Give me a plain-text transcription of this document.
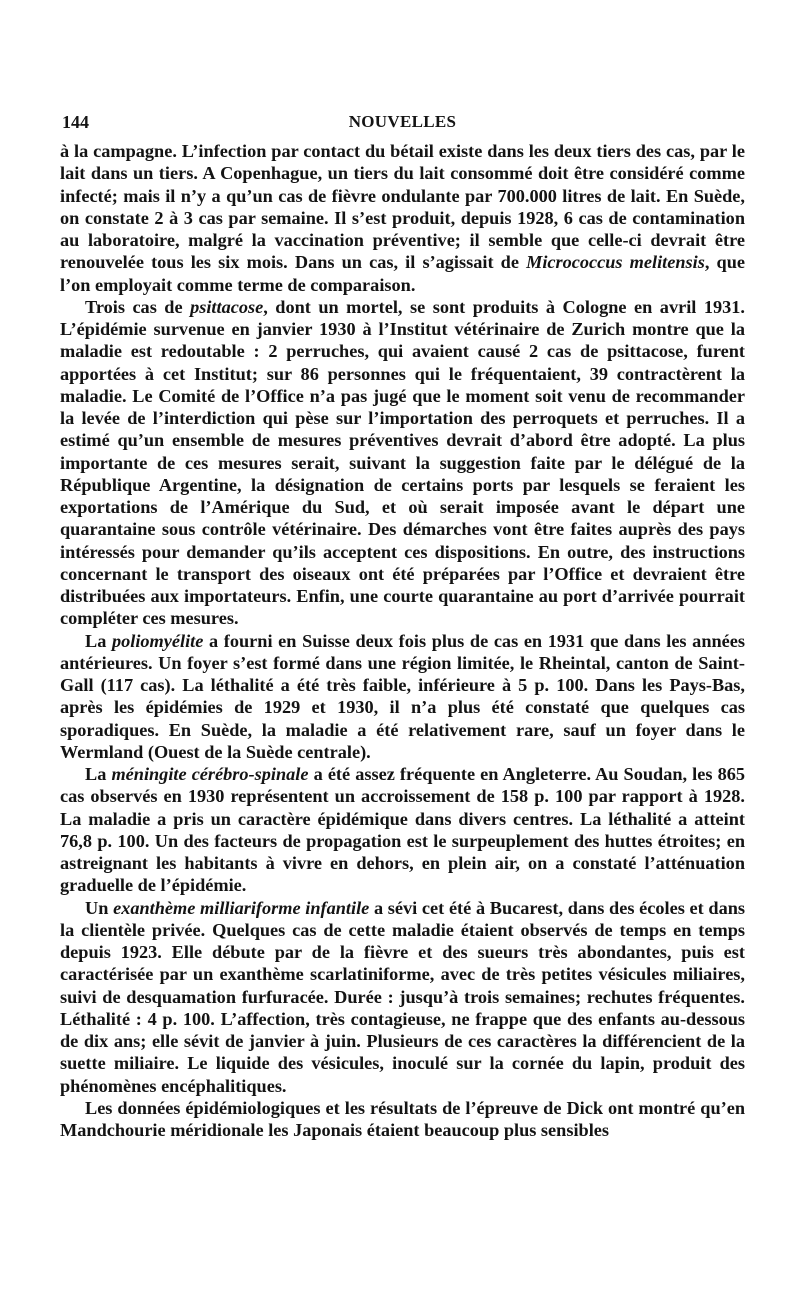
144	NOUVELLES

à la campagne. L’infection par contact du bétail existe dans les deux tiers des cas, par le lait dans un tiers. A Copenhague, un tiers du lait consommé doit être considéré comme infecté; mais il n’y a qu’un cas de fièvre ondulante par 700.000 litres de lait. En Suède, on constate 2 à 3 cas par semaine. Il s’est produit, depuis 1928, 6 cas de contamination au laboratoire, malgré la vaccination préventive; il semble que celle-ci devrait être renouvelée tous les six mois. Dans un cas, il s’agissait de Micrococcus melitensis, que l’on employait comme terme de comparaison.

Trois cas de psittacose, dont un mortel, se sont produits à Cologne en avril 1931. L’épidémie survenue en janvier 1930 à l’Institut vétérinaire de Zurich montre que la maladie est redoutable : 2 perruches, qui avaient causé 2 cas de psittacose, furent apportées à cet Institut; sur 86 personnes qui le fréquentaient, 39 contractèrent la maladie. Le Comité de l’Office n’a pas jugé que le moment soit venu de recommander la levée de l’interdiction qui pèse sur l’importation des perroquets et perruches. Il a estimé qu’un ensemble de mesures préventives devrait d’abord être adopté. La plus importante de ces mesures serait, suivant la suggestion faite par le délégué de la République Argentine, la désignation de certains ports par lesquels se feraient les exportations de l’Amérique du Sud, et où serait imposée avant le départ une quarantaine sous contrôle vétérinaire. Des démarches vont être faites auprès des pays intéressés pour demander qu’ils acceptent ces dispositions. En outre, des instructions concernant le transport des oiseaux ont été préparées par l’Office et devraient être distribuées aux importateurs. Enfin, une courte quarantaine au port d’arrivée pourrait compléter ces mesures.

La poliomyélite a fourni en Suisse deux fois plus de cas en 1931 que dans les années antérieures. Un foyer s’est formé dans une région limitée, le Rheintal, canton de Saint-Gall (117 cas). La léthalité a été très faible, inférieure à 5 p. 100. Dans les Pays-Bas, après les épidémies de 1929 et 1930, il n’a plus été constaté que quelques cas sporadiques. En Suède, la maladie a été relativement rare, sauf un foyer dans le Wermland (Ouest de la Suède centrale).

La méningite cérébro-spinale a été assez fréquente en Angleterre. Au Soudan, les 865 cas observés en 1930 représentent un accroissement de 158 p. 100 par rapport à 1928. La maladie a pris un caractère épidémique dans divers centres. La léthalité a atteint 76,8 p. 100. Un des facteurs de propagation est le surpeuplement des huttes étroites; en astreignant les habitants à vivre en dehors, en plein air, on a constaté l’atténuation graduelle de l’épidémie.

Un exanthème milliariforme infantile a sévi cet été à Bucarest, dans des écoles et dans la clientèle privée. Quelques cas de cette maladie étaient observés de temps en temps depuis 1923. Elle débute par de la fièvre et des sueurs très abondantes, puis est caractérisée par un exanthème scarlatiniforme, avec de très petites vésicules miliaires, suivi de desquamation furfuracée. Durée : jusqu’à trois semaines; rechutes fréquentes. Léthalité : 4 p. 100. L’affection, très contagieuse, ne frappe que des enfants au-dessous de dix ans; elle sévit de janvier à juin. Plusieurs de ces caractères la différencient de la suette miliaire. Le liquide des vésicules, inoculé sur la cornée du lapin, produit des phénomènes encéphalitiques.

Les données épidémiologiques et les résultats de l’épreuve de Dick ont montré qu’en Mandchourie méridionale les Japonais étaient beaucoup plus sensibles
